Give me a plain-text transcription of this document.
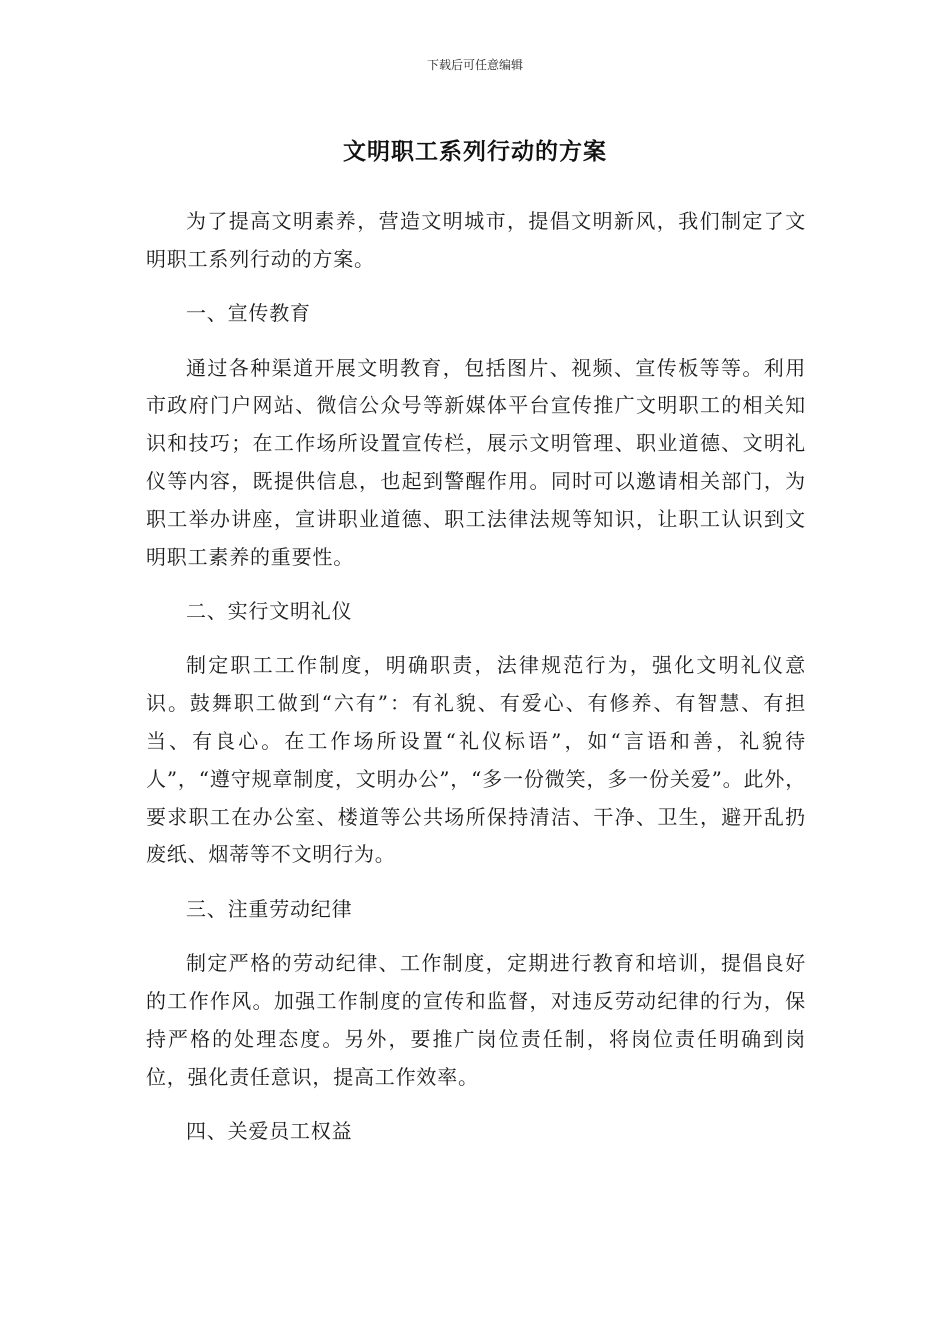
下载后可任意编辑
文明职工系列行动的方案

为了提高文明素养，营造文明城市，提倡文明新风，我们制定了文明职工系列行动的方案。

一、宣传教育

通过各种渠道开展文明教育，包括图片、视频、宣传板等等。利用市政府门户网站、微信公众号等新媒体平台宣传推广文明职工的相关知识和技巧；在工作场所设置宣传栏，展示文明管理、职业道德、文明礼仪等内容，既提供信息，也起到警醒作用。同时可以邀请相关部门，为职工举办讲座，宣讲职业道德、职工法律法规等知识，让职工认识到文明职工素养的重要性。

二、实行文明礼仪

制定职工工作制度，明确职责，法律规范行为，强化文明礼仪意识。鼓舞职工做到“六有”：有礼貌、有爱心、有修养、有智慧、有担当、有良心。在工作场所设置“礼仪标语”，如“言语和善，礼貌待人”，“遵守规章制度，文明办公”，“多一份微笑，多一份关爱”。此外，要求职工在办公室、楼道等公共场所保持清洁、干净、卫生，避开乱扔废纸、烟蒂等不文明行为。

三、注重劳动纪律

制定严格的劳动纪律、工作制度，定期进行教育和培训，提倡良好的工作作风。加强工作制度的宣传和监督，对违反劳动纪律的行为，保持严格的处理态度。另外，要推广岗位责任制，将岗位责任明确到岗位，强化责任意识，提高工作效率。

四、关爱员工权益
